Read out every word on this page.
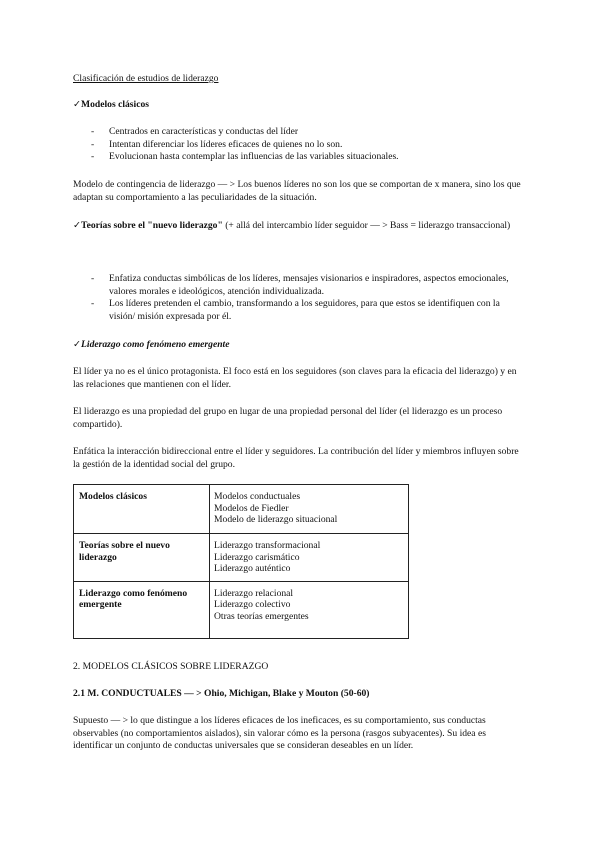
Clasificación de estudios de liderazgo
✓Modelos clásicos
- Centrados en características y conductas del líder
- Intentan diferenciar los líderes eficaces de quienes no lo son.
- Evolucionan hasta contemplar las influencias de las variables situacionales.
Modelo de contingencia de liderazgo — > Los buenos líderes no son los que se comportan de x manera, sino los que adaptan su comportamiento a las peculiaridades de la situación.
✓Teorías sobre el "nuevo liderazgo" (+ allá del intercambio líder seguidor — > Bass = liderazgo transaccional)
- Enfatiza conductas simbólicas de los líderes, mensajes visionarios e inspiradores, aspectos emocionales, valores morales e ideológicos, atención individualizada.
- Los líderes pretenden el cambio, transformando a los seguidores, para que estos se identifiquen con la visión/ misión expresada por él.
✓Liderazgo como fenómeno emergente
El líder ya no es el único protagonista. El foco está en los seguidores (son claves para la eficacia del liderazgo) y en las relaciones que mantienen con el líder.
El liderazgo es una propiedad del grupo en lugar de una propiedad personal del líder (el liderazgo es un proceso compartido).
Enfática la interacción bidireccional entre el líder y seguidores. La contribución del líder y miembros influyen sobre la gestión de la identidad social del grupo.
Modelos clásicos	Modelos conductuales
Modelos de Fiedler
Modelo de liderazgo situacional

Teorías sobre el nuevo liderazgo	Liderazgo transformacional
Liderazgo carismático
Liderazgo auténtico

Liderazgo como fenómeno emergente	Liderazgo relacional
Liderazgo colectivo
Otras teorías emergentes
2. MODELOS CLÁSICOS SOBRE LIDERAZGO
2.1 M. CONDUCTUALES — > Ohio, Michigan, Blake y Mouton (50-60)
Supuesto — > lo que distingue a los líderes eficaces de los ineficaces, es su comportamiento, sus conductas observables (no comportamientos aislados), sin valorar cómo es la persona (rasgos subyacentes). Su idea es identificar un conjunto de conductas universales que se consideran deseables en un líder.
